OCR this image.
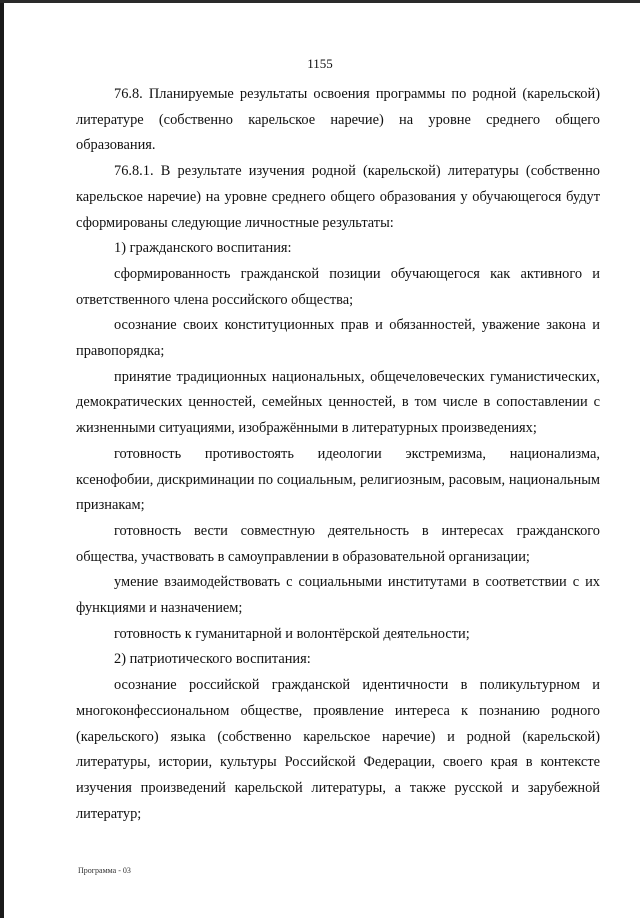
1155

76.8. Планируемые результаты освоения программы по родной (карельской) литературе (собственно карельское наречие) на уровне среднего общего образования.

76.8.1. В результате изучения родной (карельской) литературы (собственно карельское наречие) на уровне среднего общего образования у обучающегося будут сформированы следующие личностные результаты:

1) гражданского воспитания:

сформированность гражданской позиции обучающегося как активного и ответственного члена российского общества;

осознание своих конституционных прав и обязанностей, уважение закона и правопорядка;

принятие традиционных национальных, общечеловеческих гуманистических, демократических ценностей, семейных ценностей, в том числе в сопоставлении с жизненными ситуациями, изображёнными в литературных произведениях;

готовность противостоять идеологии экстремизма, национализма, ксенофобии, дискриминации по социальным, религиозным, расовым, национальным признакам;

готовность вести совместную деятельность в интересах гражданского общества, участвовать в самоуправлении в образовательной организации;

умение взаимодействовать с социальными институтами в соответствии с их функциями и назначением;

готовность к гуманитарной и волонтёрской деятельности;

2) патриотического воспитания:

осознание российской гражданской идентичности в поликультурном и многоконфессиональном обществе, проявление интереса к познанию родного (карельского) языка (собственно карельское наречие) и родной (карельской) литературы, истории, культуры Российской Федерации, своего края в контексте изучения произведений карельской литературы, а также русской и зарубежной литератур;

Программа - 03
